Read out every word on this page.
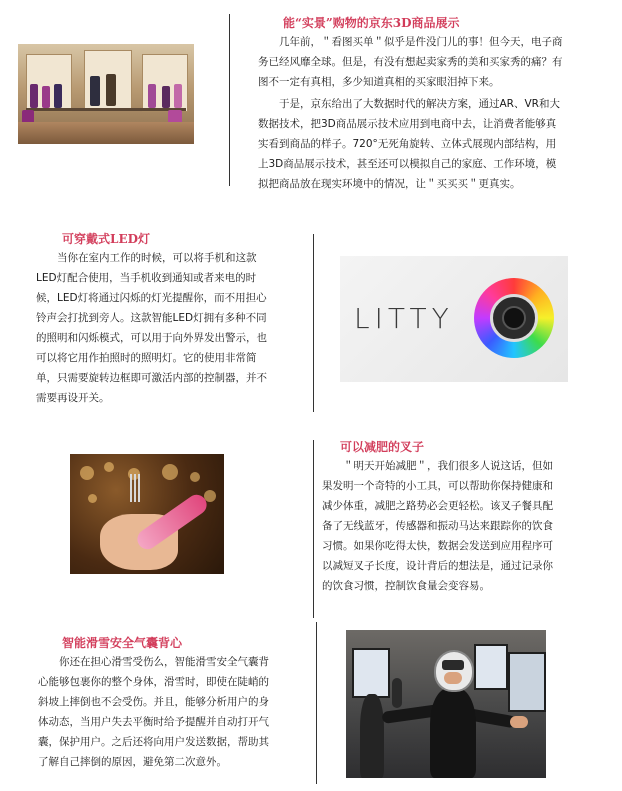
能“实景”购物的京东3D商品展示

几年前，＂看图买单＂似乎是件没门儿的事！但今天，电子商
务已经风靡全球。但是，有没有想起卖家秀的美和买家秀的痛？有
图不一定有真相，多少知道真相的买家眼泪掉下来。

于是，京东给出了大数据时代的解决方案，通过AR、VR和大
数据技术，把3D商品展示技术应用到电商中去，让消费者能够真
实看到商品的样子。720°无死角旋转、立体式展现内部结构，用
上3D商品展示技术，甚至还可以模拟自己的家庭、工作环境，模
拟把商品放在现实环境中的情况，让＂买买买＂更真实。

可穿戴式LED灯

当你在室内工作的时候，可以将手机和这款
LED灯配合使用，当手机收到通知或者来电的时
候，LED灯将通过闪烁的灯光提醒你，而不用担心
铃声会打扰到旁人。这款智能LED灯拥有多种不同
的照明和闪烁模式，可以用于向外界发出警示，也
可以将它用作拍照时的照明灯。它的使用非常简
单，只需要旋转边框即可激活内部的控制器，并不
需要再设开关。

LITTY
可以减肥的叉子

＂明天开始减肥＂，我们很多人说这话，但如
果发明一个奇特的小工具，可以帮助你保持健康和
减少体重，减肥之路势必会更轻松。该叉子餐具配
备了无线蓝牙，传感器和振动马达来跟踪你的饮食
习惯。如果你吃得太快，数据会发送到应用程序可
以减短叉子长度，设计背后的想法是，通过记录你
的饮食习惯，控制饮食量会变容易。

智能滑雪安全气囊背心

你还在担心滑雪受伤么，智能滑雪安全气囊背
心能够包裹你的整个身体，滑雪时，即使在陡峭的
斜坡上摔倒也不会受伤。并且，能够分析用户的身
体动态，当用户失去平衡时给予提醒并自动打开气
囊，保护用户。之后还将向用户发送数据，帮助其
了解自己摔倒的原因，避免第二次意外。
